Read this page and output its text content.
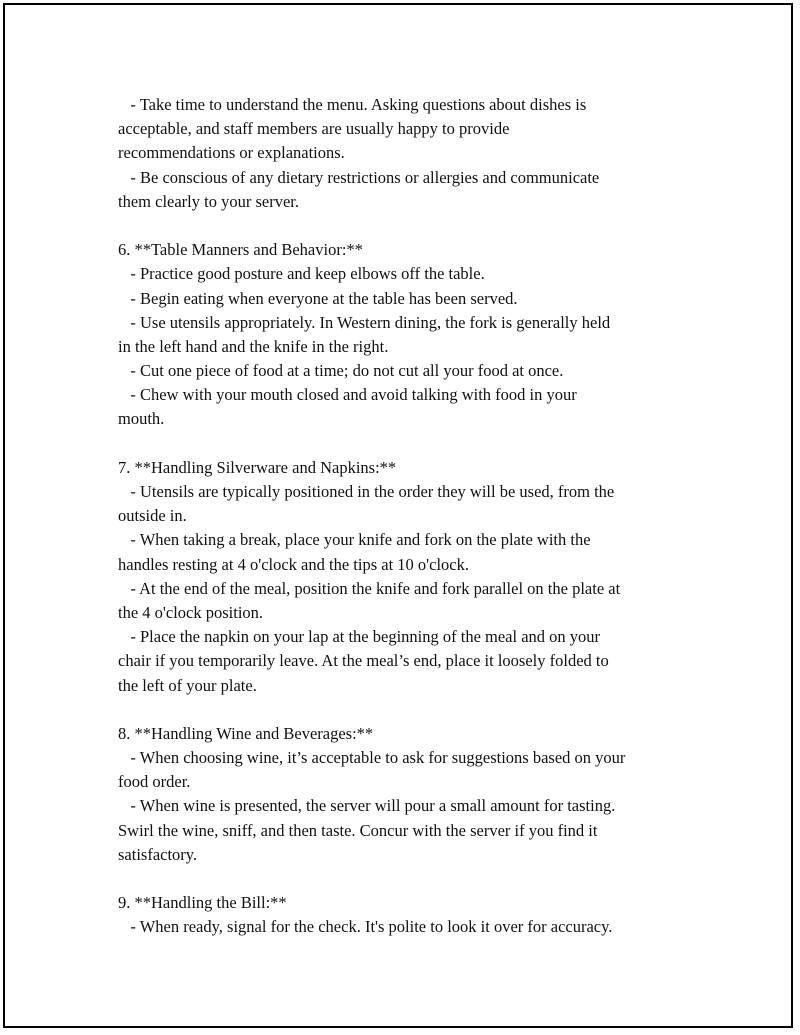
- Take time to understand the menu. Asking questions about dishes is
acceptable, and staff members are usually happy to provide
recommendations or explanations.
- Be conscious of any dietary restrictions or allergies and communicate
them clearly to your server.
6. **Table Manners and Behavior:**
- Practice good posture and keep elbows off the table.
- Begin eating when everyone at the table has been served.
- Use utensils appropriately. In Western dining, the fork is generally held
in the left hand and the knife in the right.
- Cut one piece of food at a time; do not cut all your food at once.
- Chew with your mouth closed and avoid talking with food in your
mouth.
7. **Handling Silverware and Napkins:**
- Utensils are typically positioned in the order they will be used, from the
outside in.
- When taking a break, place your knife and fork on the plate with the
handles resting at 4 o'clock and the tips at 10 o'clock.
- At the end of the meal, position the knife and fork parallel on the plate at
the 4 o'clock position.
- Place the napkin on your lap at the beginning of the meal and on your
chair if you temporarily leave. At the meal’s end, place it loosely folded to
the left of your plate.
8. **Handling Wine and Beverages:**
- When choosing wine, it’s acceptable to ask for suggestions based on your
food order.
- When wine is presented, the server will pour a small amount for tasting.
Swirl the wine, sniff, and then taste. Concur with the server if you find it
satisfactory.
9. **Handling the Bill:**
- When ready, signal for the check. It's polite to look it over for accuracy.
